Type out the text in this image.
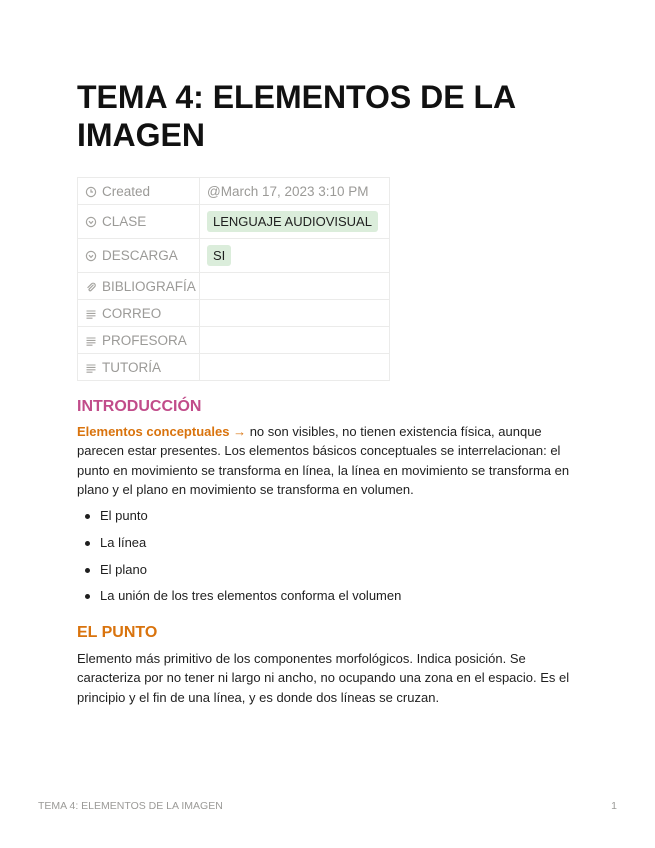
TEMA 4: ELEMENTOS DE LA IMAGEN
Created	@March 17, 2023 3:10 PM

CLASE	LENGUAJE AUDIOVISUAL

DESCARGA	SI

BIBLIOGRAFÍA	

CORREO	

PROFESORA	

TUTORÍA	
INTRODUCCIÓN

Elementos conceptuales → no son visibles, no tienen existencia física, aunque parecen estar presentes. Los elementos básicos conceptuales se interrelacionan: el punto en movimiento se transforma en línea, la línea en movimiento se transforma en plano y el plano en movimiento se transforma en volumen.

El punto
La línea
El plano
La unión de los tres elementos conforma el volumen
EL PUNTO

Elemento más primitivo de los componentes morfológicos. Indica posición. Se caracteriza por no tener ni largo ni ancho, no ocupando una zona en el espacio. Es el principio y el fin de una línea, y es donde dos líneas se cruzan.

TEMA 4: ELEMENTOS DE LA IMAGEN	1
